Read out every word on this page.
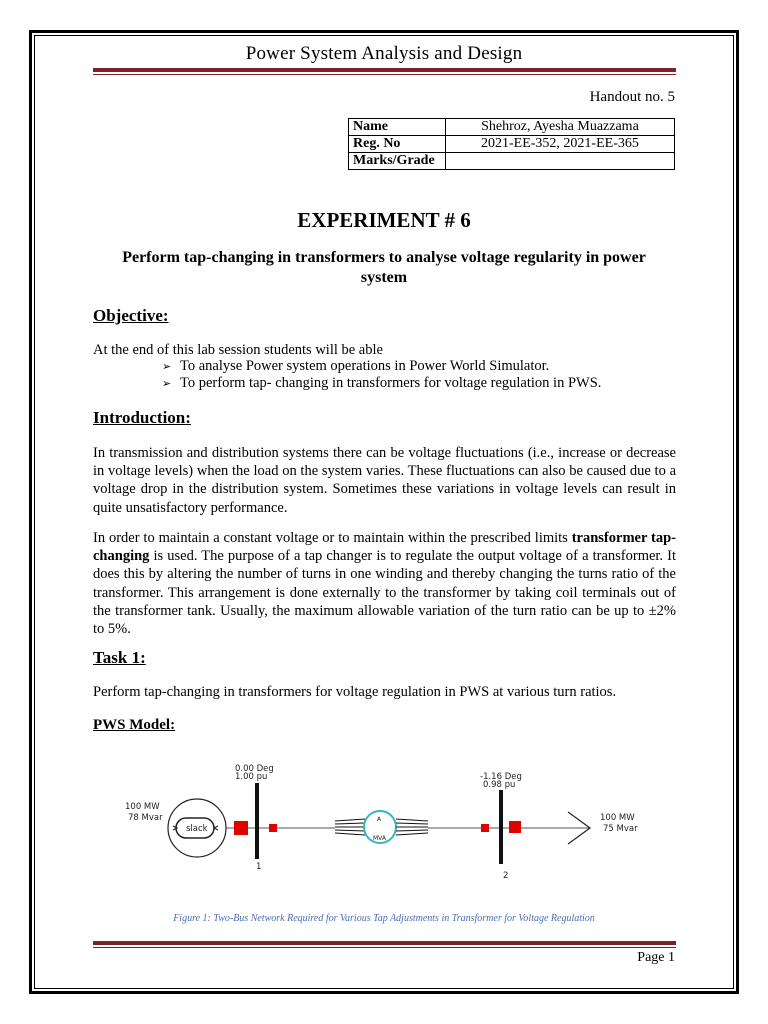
Power System Analysis and Design
Handout no. 5
Name	Shehroz, Ayesha Muazzama
Reg. No	2021-EE-352, 2021-EE-365
Marks/Grade	
EXPERIMENT # 6
Perform tap-changing in transformers to analyse voltage regularity in power system
Objective:
At the end of this lab session students will be able
➢ To analyse Power system operations in Power World Simulator.
➢ To perform tap- changing in transformers for voltage regulation in PWS.
Introduction:
In transmission and distribution systems there can be voltage fluctuations (i.e., increase or decrease in voltage levels) when the load on the system varies. These fluctuations can also be caused due to a voltage drop in the distribution system. Sometimes these variations in voltage levels can result in quite unsatisfactory performance.
In order to maintain a constant voltage or to maintain within the prescribed limits transformer tap-changing is used. The purpose of a tap changer is to regulate the output voltage of a transformer. It does this by altering the number of turns in one winding and thereby changing the turns ratio of the transformer. This arrangement is done externally to the transformer by taking coil terminals out of the transformer tank. Usually, the maximum allowable variation of the turn ratio can be up to ±2% to 5%.
Task 1:
Perform tap-changing in transformers for voltage regulation in PWS at various turn ratios.
PWS Model:
0.00 Deg
1.00 pu
100 MW
78 Mvar
slack
1
A
MVA
-1.16 Deg
0.98 pu
2
100 MW
75 Mvar
Figure 1: Two-Bus Network Required for Various Tap Adjustments in Transformer for Voltage Regulation
Page 1
